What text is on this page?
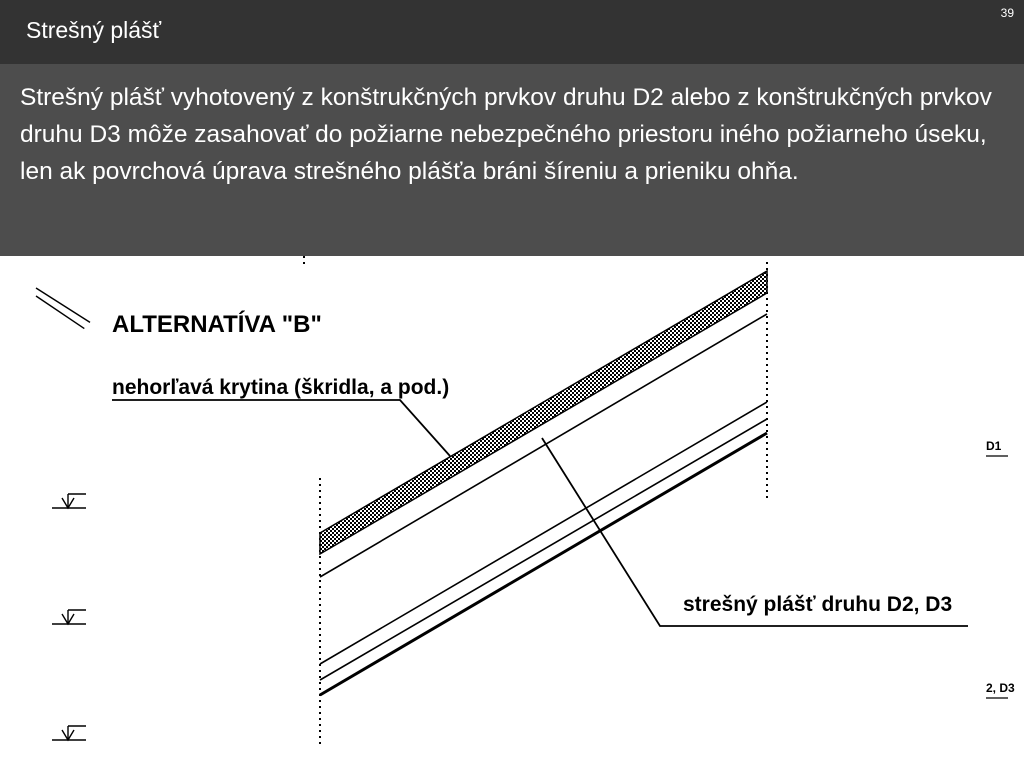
Strešný plášť
39
Strešný plášť vyhotovený z konštrukčných prvkov druhu D2 alebo z konštrukčných prvkov druhu D3 môže zasahovať do požiarne nebezpečného priestoru iného požiarneho úseku, len ak povrchová úprava strešného plášťa bráni šíreniu a prieniku ohňa.
ALTERNATÍVA "B"
nehorľavá krytina (škridla, a pod.)
strešný plášť druhu D2, D3
D1
2, D3
